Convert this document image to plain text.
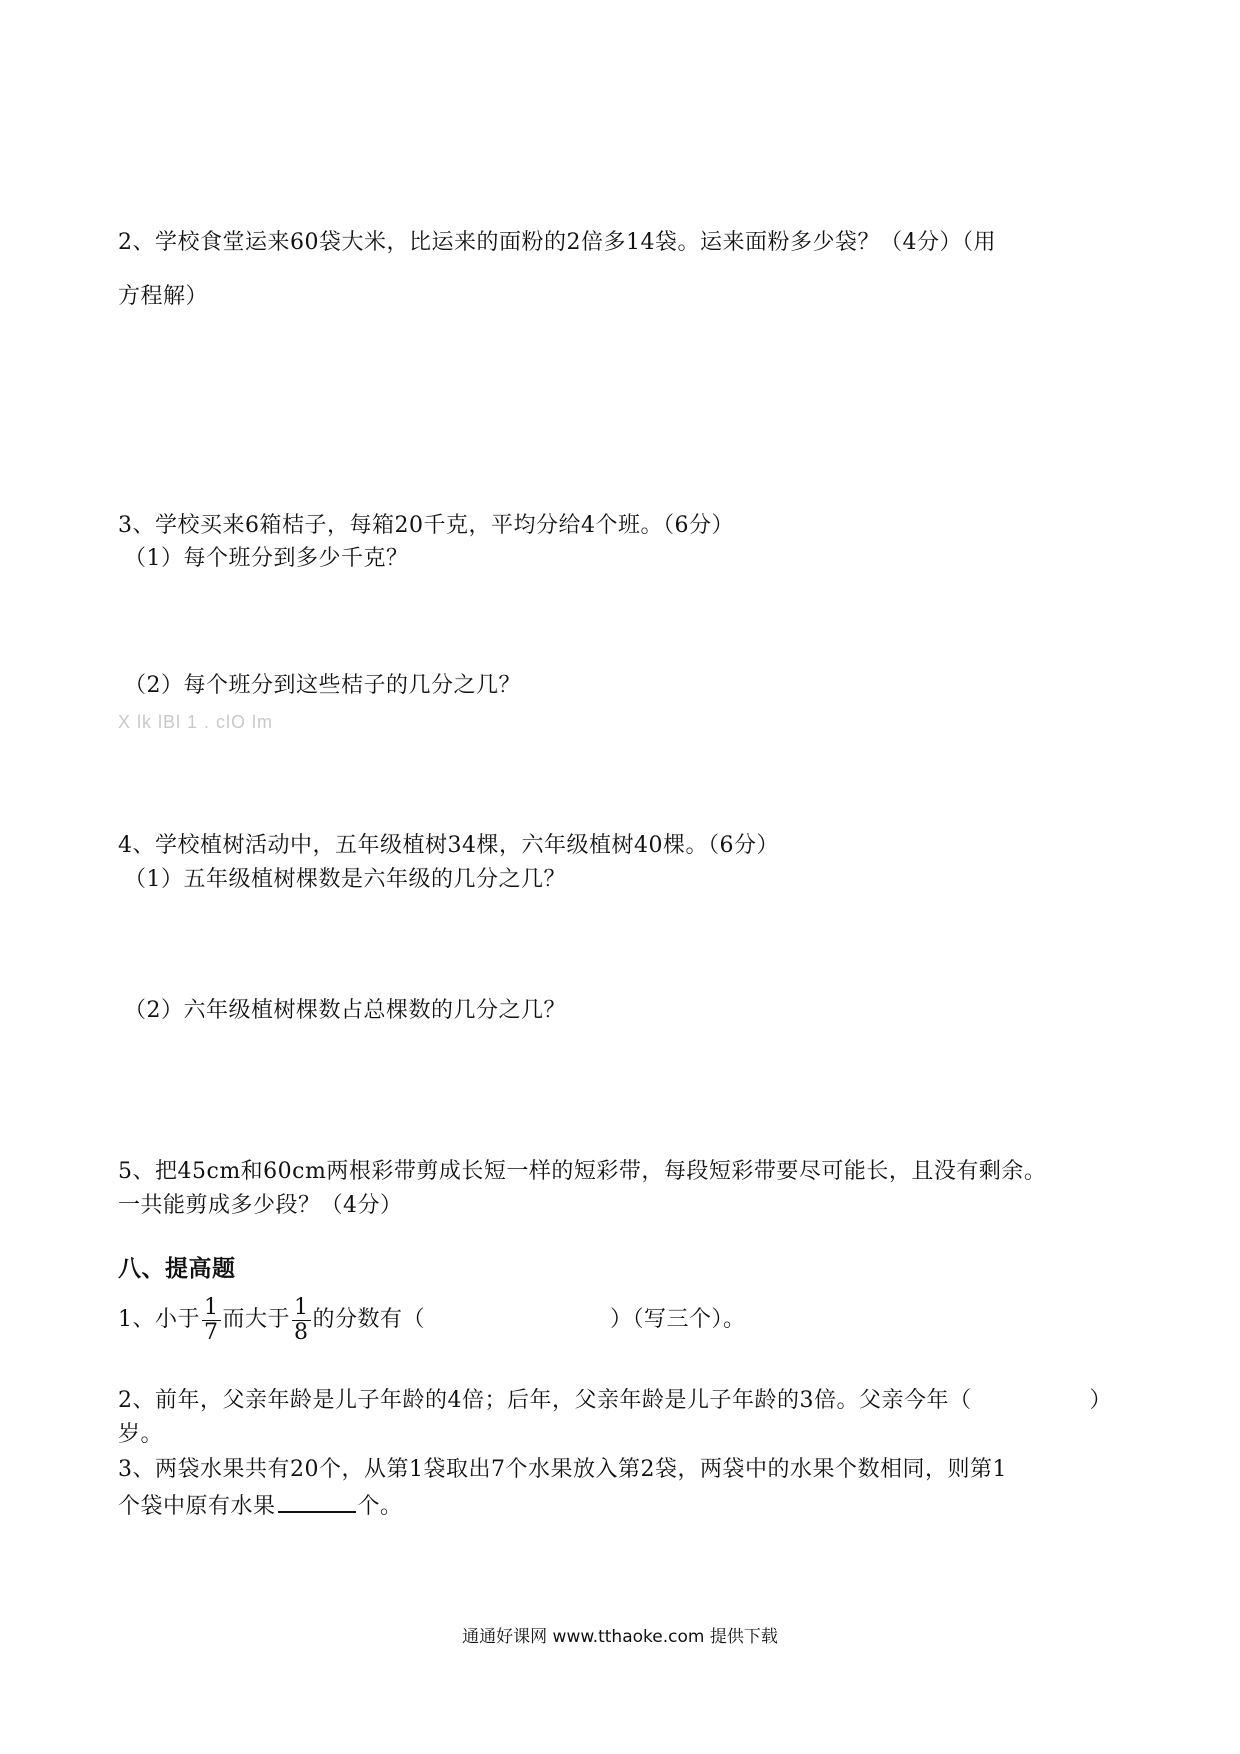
2、学校食堂运来60袋大米，比运来的面粉的2倍多14袋。运来面粉多少袋？（4分）（用
方程解）
3、学校买来6箱桔子，每箱20千克，平均分给4个班。（6分）
（1）每个班分到多少千克？
（2）每个班分到这些桔子的几分之几？
X lk lBl 1 . clO lm
4、学校植树活动中，五年级植树34棵，六年级植树40棵。（6分）
（1）五年级植树棵数是六年级的几分之几？
（2）六年级植树棵数占总棵数的几分之几？
5、把45cm和60cm两根彩带剪成长短一样的短彩带，每段短彩带要尽可能长，且没有剩余。
一共能剪成多少段？（4分）
八、提高题
1、小于 $\frac{1}{7}$ 而大于 $\frac{1}{8}$ 的分数有（	）（写三个）。
2、前年，父亲年龄是儿子年龄的4倍；后年，父亲年龄是儿子年龄的3倍。父亲今年（	）
岁。
3、两袋水果共有20个，从第1袋取出7个水果放入第2袋，两袋中的水果个数相同，则第1
个袋中原有水果	个。
通通好课网 www.tthaoke.com 提供下载
